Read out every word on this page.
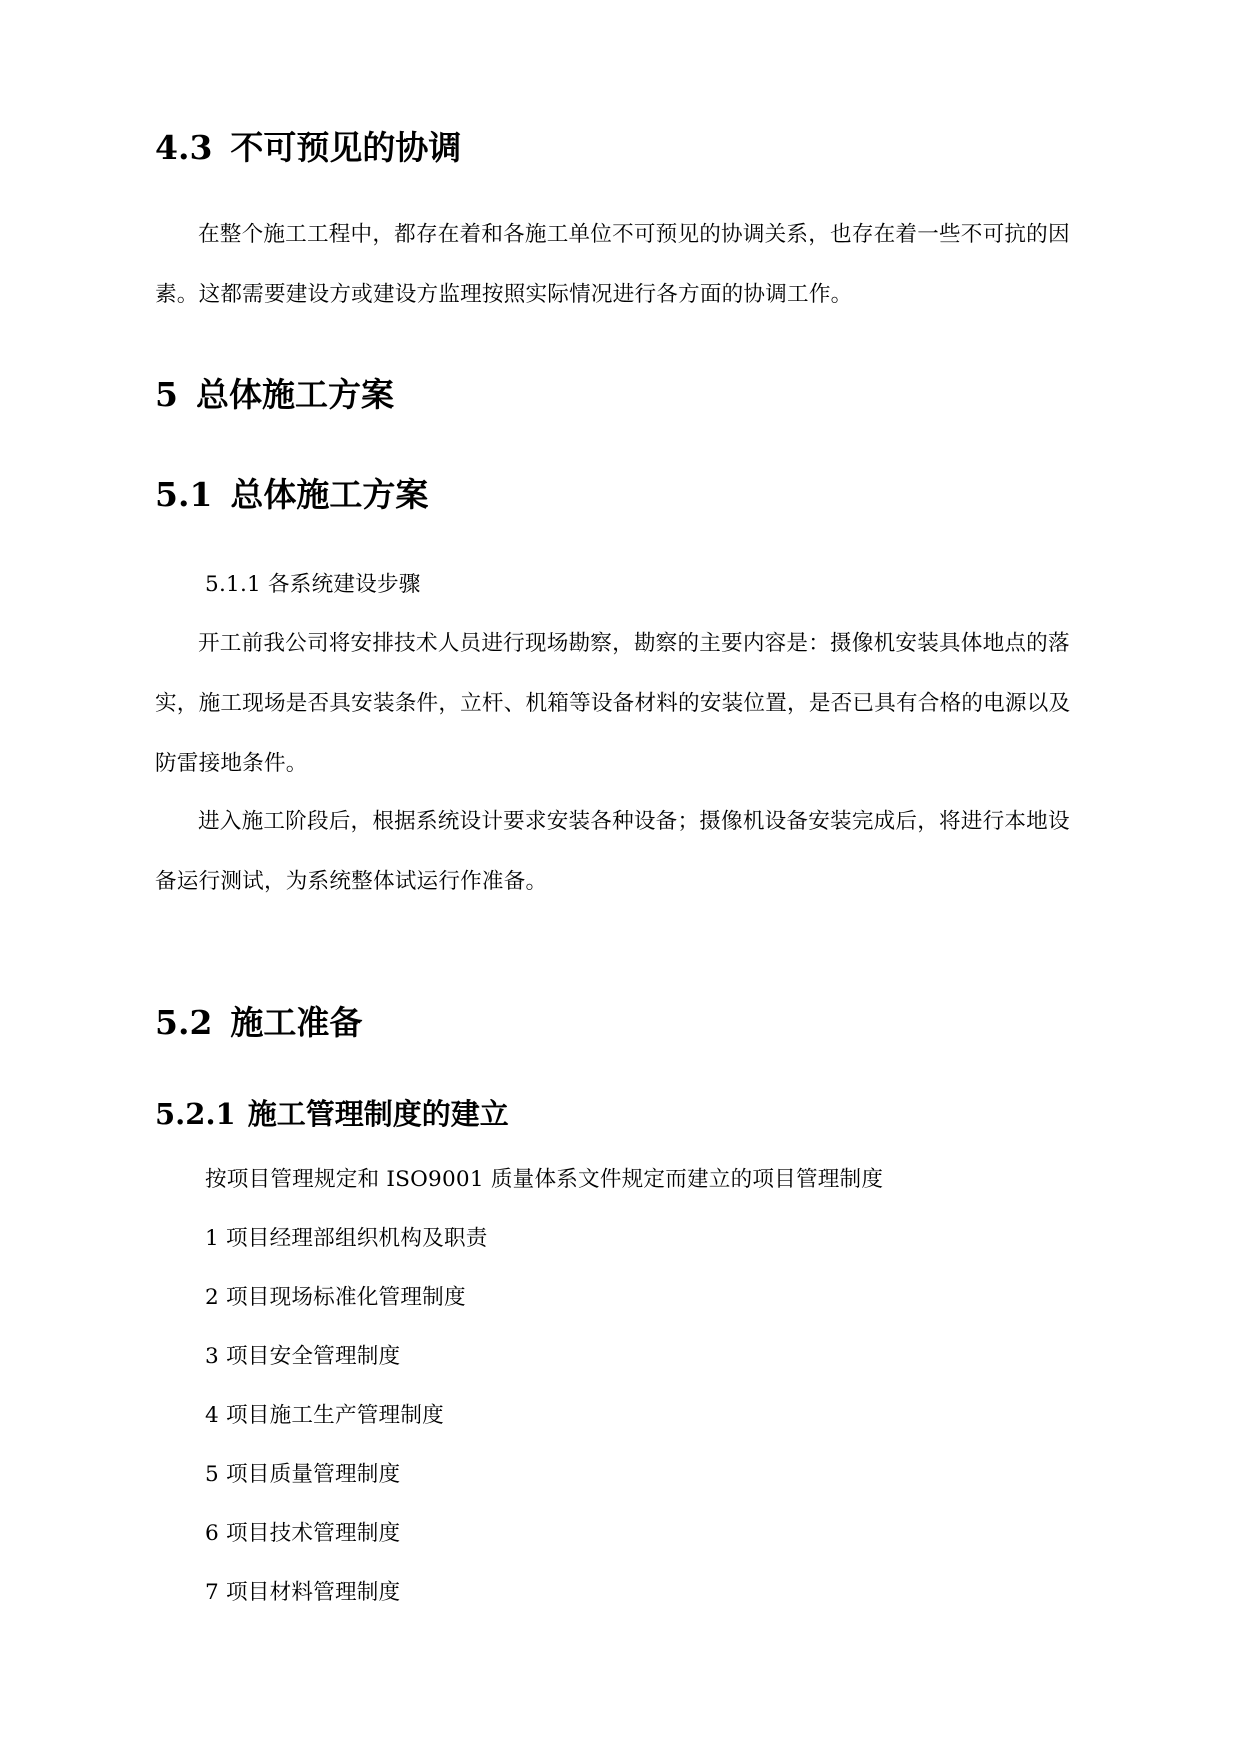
4.3 不可预见的协调
在整个施工工程中，都存在着和各施工单位不可预见的协调关系，也存在着一些不可抗的因素。这都需要建设方或建设方监理按照实际情况进行各方面的协调工作。
5 总体施工方案
5.1 总体施工方案
5.1.1 各系统建设步骤
开工前我公司将安排技术人员进行现场勘察，勘察的主要内容是：摄像机安装具体地点的落实，施工现场是否具安装条件，立杆、机箱等设备材料的安装位置，是否已具有合格的电源以及防雷接地条件。
进入施工阶段后，根据系统设计要求安装各种设备；摄像机设备安装完成后，将进行本地设备运行测试，为系统整体试运行作准备。
5.2 施工准备
5.2.1 施工管理制度的建立
按项目管理规定和 ISO9001 质量体系文件规定而建立的项目管理制度
1 项目经理部组织机构及职责
2 项目现场标准化管理制度
3 项目安全管理制度
4 项目施工生产管理制度
5 项目质量管理制度
6 项目技术管理制度
7 项目材料管理制度
